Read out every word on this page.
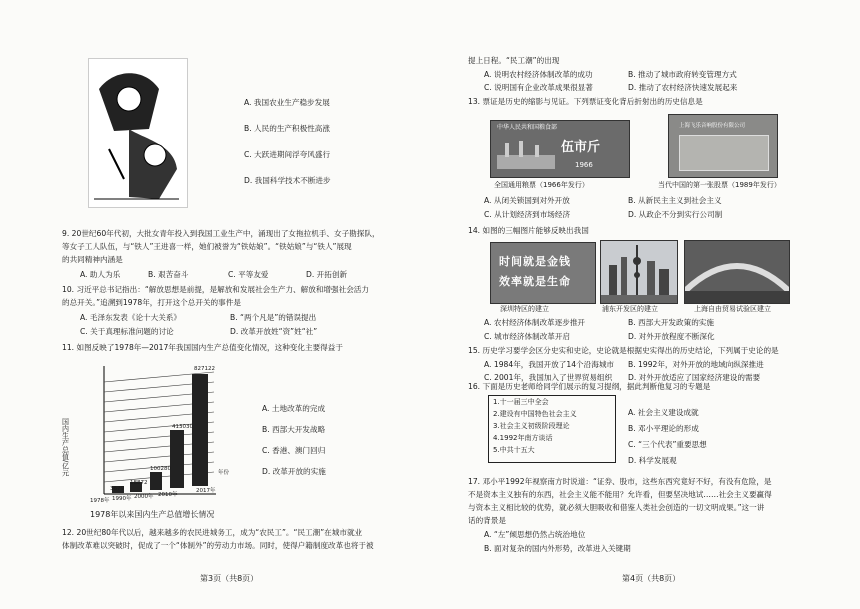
A. 我国农业生产稳步发展
B. 人民的生产积极性高涨
C. 大跃进期间浮夸风盛行
D. 我国科学技术不断进步
9. 20世纪60年代初，大批女青年投入到我国工业生产中，涌现出了女拖拉机手、女子勘探队，
等女子工人队伍，与“铁人”王进喜一样，她们被誉为“铁姑娘”。“铁姑娘”与“铁人”展现
的共同精神内涵是
A. 助人为乐	B. 艰苦奋斗	C. 平等友爱	D. 开拓创新
10. 习近平总书记指出：“解放思想是前提，是解放和发展社会生产力、解放和增强社会活力
的总开关。”追溯到1978年，打开这个总开关的事件是
A. 毛泽东发表《论十大关系》	B. “两个凡是”的错误提出
C. 关于真理标准问题的讨论	D. 改革开放姓“资”姓“社”
11. 如图反映了1978年—2017年我国国内生产总值变化情况，这种变化主要得益于
国内生产总值/亿元
3679
18872
100280
413030
827122
1978年 1990年 2000年 2010年
2017年
年份
1978年以来国内生产总值增长情况
A. 土地改革的完成
B. 西部大开发战略
C. 香港、澳门回归
D. 改革开放的实施
12. 20世纪80年代以后，越来越多的农民进城务工，成为“农民工”。“民工潮”在城市就业
体制改革难以突破时，促成了一个“体制外”的劳动力市场。同时，使得户籍制度改革也将于被
第3页（共8页）
提上日程。“民工潮”的出现
A. 说明农村经济体制改革的成功	B. 推动了城市政府转变管理方式
C. 说明国有企业改革成果很显著	D. 推动了农村经济快速发展起来
13. 票证是历史的缩影与见证。下列票证变化背后折射出的历史信息是
中华人民共和国粮食部
伍市斤
1966
上海飞乐音响股份有限公司
全国通用粮票（1966年发行）	当代中国的第一张股票（1989年发行）
A. 从闭关锁国到对外开放	B. 从新民主主义到社会主义
C. 从计划经济到市场经济	D. 从政企不分到实行公司制
14. 如图的三幅图片能够反映出我国
时间就是金钱
效率就是生命
深圳特区的建立	浦东开发区的建立	上海自由贸易试验区建立
A. 农村经济体制改革逐步推开	B. 西部大开发政策的实施
C. 城市经济体制改革开启	D. 对外开放程度不断深化
15. 历史学习要学会区分史实和史论，史论就是根据史实得出的历史结论，下列属于史论的是
A. 1984年，我国开放了14个沿海城市 B. 1992年，对外开放的地域向纵深推进
C. 2001年，我国加入了世界贸易组织 D. 对外开放适应了国家经济建设的需要
16. 下面是历史老师给同学们展示的复习提纲，据此判断他复习的专题是
1.十一届三中全会
2.建设有中国特色社会主义
3.社会主义初级阶段理论
4.1992年南方谈话
5.中共十五大
A. 社会主义建设成就
B. 邓小平理论的形成
C. “三个代表”重要思想
D. 科学发展观
17. 邓小平1992年视察南方时说道：“证券、股市，这些东西究竟好不好，有没有危险，是
不是资本主义独有的东西，社会主义能不能用？允许看，但要坚决地试……社会主义要赢得
与资本主义相比较的优势，就必须大胆吸收和借鉴人类社会创造的一切文明成果。”这一讲
话的背景是
A. “左”倾思想仍然占统治地位
B. 面对复杂的国内外形势，改革进入关键期
第4页（共8页）
